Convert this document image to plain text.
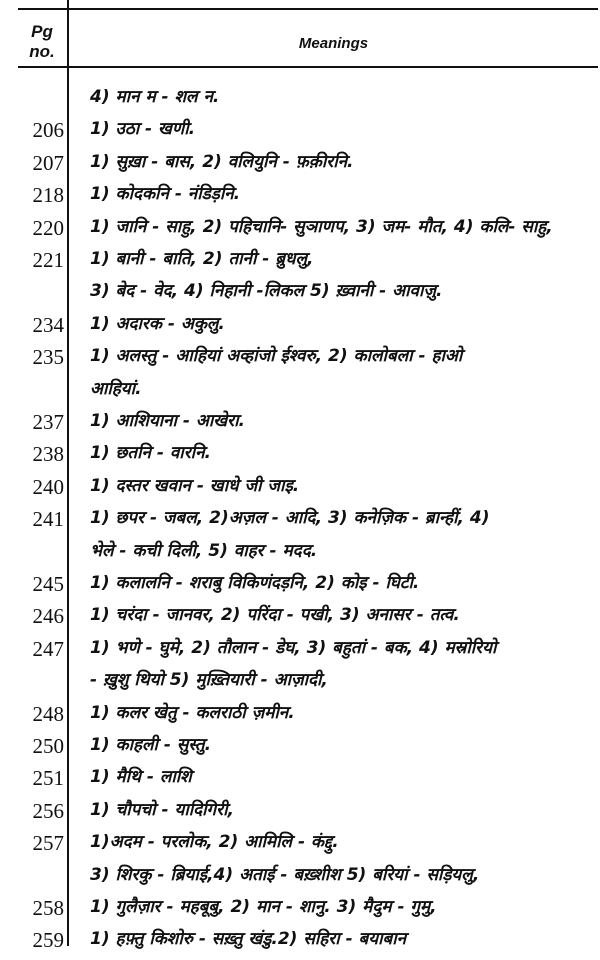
Pg
no.	Meanings
4) मान म - शल न.
206 1) उठा - खणी.
207 1) सुख़ा - बास, 2) वलियुनि - फ़क़ीरनि.
218 1) कोदकनि - नंडिड़नि.
220 1) जानि - साहु, 2) पहिचानि- सुञाणप, 3) जम- मौत, 4) कलि- साहु,
221 1) बानी - बाति, 2) तानी - ब्रुधलु,
3) बेद - वेद, 4) निहानी -लिकल 5) ख़्वानी - आवाज़ु.
234 1) अदारक - अकुलु.
235 1) अलस्तु - आहियां अव्हांजो ईश्वरु, 2) कालोबला - हाओ
आहियां.
237 1) आशियाना - आखेरा.
238 1) छतनि - वारनि.
240 1) दस्तर खवान - खाधे जी जाइ.
241 1) छपर - जबल, 2)अज़ल - आदि, 3) कनेज़िक - ब्रान्हीं, 4)
भेले - कची दिली, 5) वाहर - मदद.
245 1) कलालनि - शराबु विकिणंदड़नि, 2) कोइ - घिटी.
246 1) चरंदा - जानवर, 2) परिंदा - पखी, 3) अनासर - तत्व.
247 1) भणे - घुमे, 2) तौलान - डेघ, 3) बहुतां - बक, 4) मस्रोरियो
- ख़ुशु थियो 5) मुख़्तियारी - आज़ादी,
248 1) कलर खेतु - कलराठी ज़मीन.
250 1) काहली - सुस्तु.
251 1) मैथि - लाशि
256 1) चौपचो - यादिगिरी,
257 1)अदम - परलोक, 2) आमिलि - कंद्दु.
3) शिरकु - ब्रियाई,4) अताई - बख़्शीश 5) बरियां - सड़ियलु,
258 1) गुलैज़ार - महबूबु, 2) मान - शानु. 3) मैदुम - गुमु,
259 1) हफ़्तु किशोरु - सख़्तु खंडु.2) सहिरा - बयाबान
